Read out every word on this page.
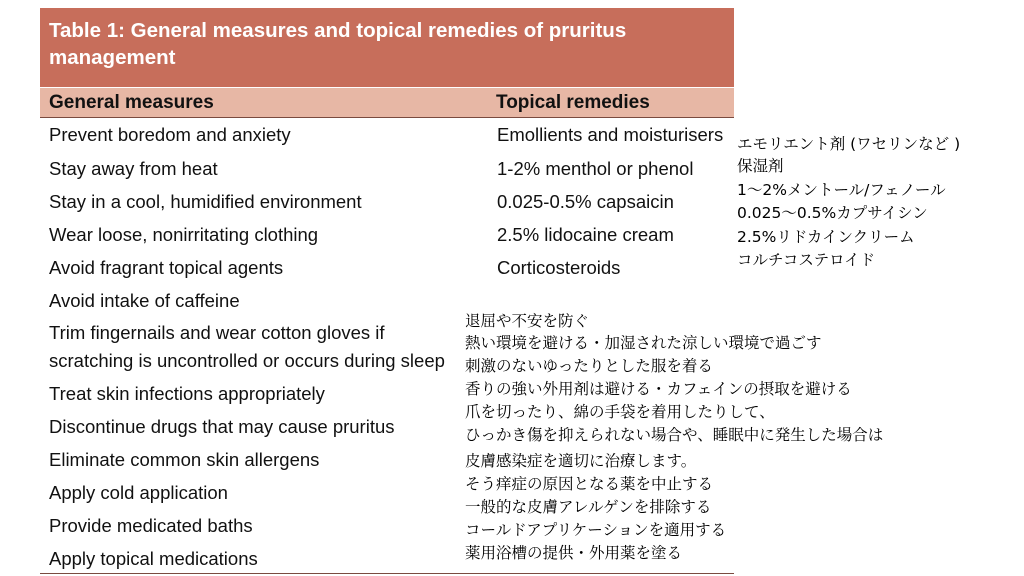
Table 1: General measures and topical remedies of pruritus management
General measures	Topical remedies
Prevent boredom and anxiety
Stay away from heat
Stay in a cool, humidified environment
Wear loose, nonirritating clothing
Avoid fragrant topical agents
Avoid intake of caffeine
Trim fingernails and wear cotton gloves if
scratching is uncontrolled or occurs during sleep
Treat skin infections appropriately
Discontinue drugs that may cause pruritus
Eliminate common skin allergens
Apply cold application
Provide medicated baths
Apply topical medications
Emollients and moisturisers
1-2% menthol or phenol
0.025-0.5% capsaicin
2.5% lidocaine cream
Corticosteroids
エモリエント剤 (ワセリンなど )
保湿剤
1～2%メントール/フェノール
0.025～0.5%カプサイシン
2.5%リドカインクリーム
コルチコステロイド
退屈や不安を防ぐ
熱い環境を避ける・加湿された涼しい環境で過ごす
刺激のないゆったりとした服を着る
香りの強い外用剤は避ける・カフェインの摂取を避ける
爪を切ったり、綿の手袋を着用したりして、
ひっかき傷を抑えられない場合や、睡眠中に発生した場合は
皮膚感染症を適切に治療します。
そう痒症の原因となる薬を中止する
一般的な皮膚アレルゲンを排除する
コールドアプリケーションを適用する
薬用浴槽の提供・外用薬を塗る
